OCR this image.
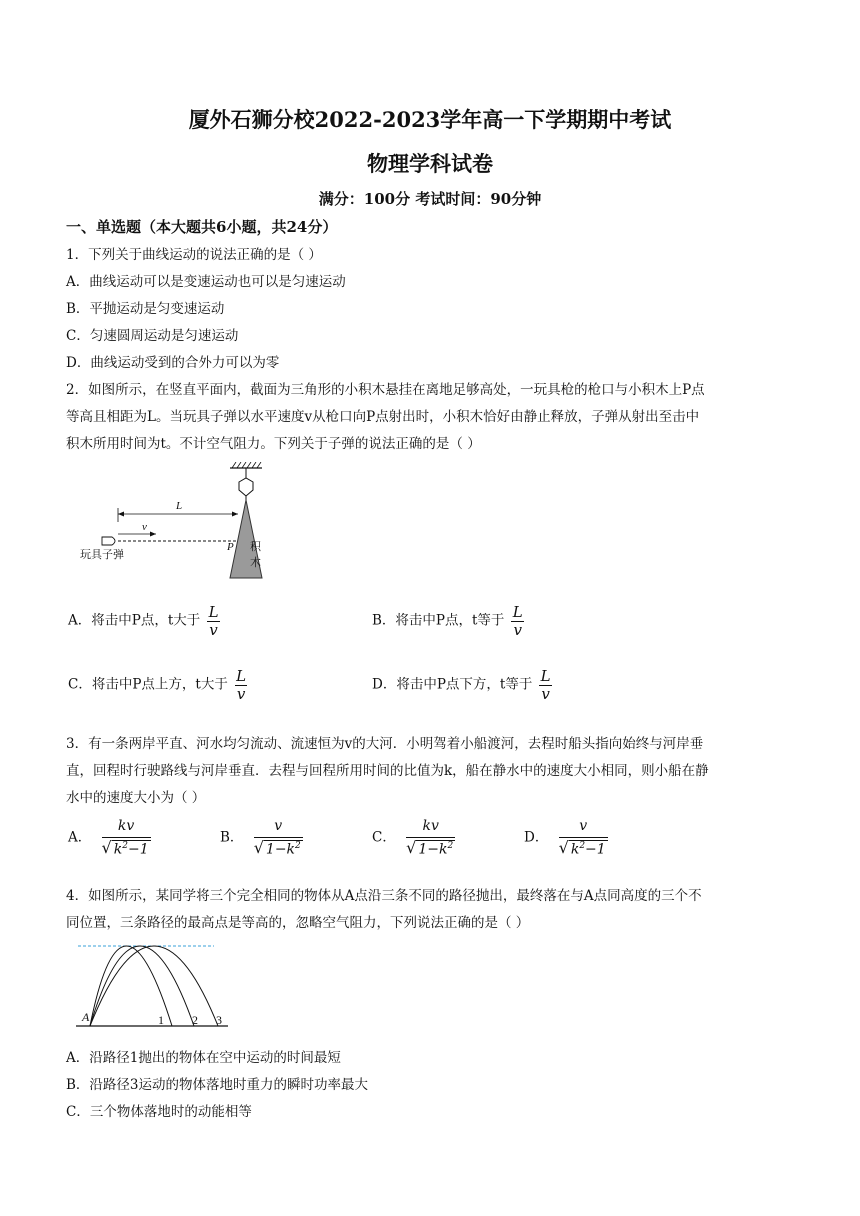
厦外石狮分校2022-2023学年高一下学期期中考试
物理学科试卷
满分：100分 考试时间：90分钟
一、单选题（本大题共6小题，共24分）
1．下列关于曲线运动的说法正确的是（ ）
A．曲线运动可以是变速运动也可以是匀速运动
B．平抛运动是匀变速运动
C．匀速圆周运动是匀速运动
D．曲线运动受到的合外力可以为零
2．如图所示，在竖直平面内，截面为三角形的小积木悬挂在离地足够高处，一玩具枪的枪口与小积木上P点
等高且相距为L。当玩具子弹以水平速度v从枪口向P点射出时，小积木恰好由静止释放，子弹从射出至击中
积木所用时间为t。不计空气阻力。下列关于子弹的说法正确的是（ ）
积
木
P
L
v
玩具子弹
A．将击中P点，t大于 $\frac{L}{v}$	B．将击中P点，t等于 $\frac{L}{v}$
C．将击中P点上方，t大于 $\frac{L}{v}$	D．将击中P点下方，t等于 $\frac{L}{v}$
3．有一条两岸平直、河水均匀流动、流速恒为v的大河．小明驾着小船渡河，去程时船头指向始终与河岸垂
直，回程时行驶路线与河岸垂直．去程与回程所用时间的比值为k，船在静水中的速度大小相同，则小船在静
水中的速度大小为（ ）
A． $\frac{kv}{√ k^2-1}$	B． $\frac{v}{√ 1-k^2}$	C． $\frac{kv}{√ 1-k^2}$	D． $\frac{v}{√ k^2-1}$
4．如图所示，某同学将三个完全相同的物体从A点沿三条不同的路径抛出，最终落在与A点同高度的三个不
同位置，三条路径的最高点是等高的，忽略空气阻力，下列说法正确的是（ ）
A	1 2 3
A．沿路径1抛出的物体在空中运动的时间最短
B．沿路径3运动的物体落地时重力的瞬时功率最大
C．三个物体落地时的动能相等
